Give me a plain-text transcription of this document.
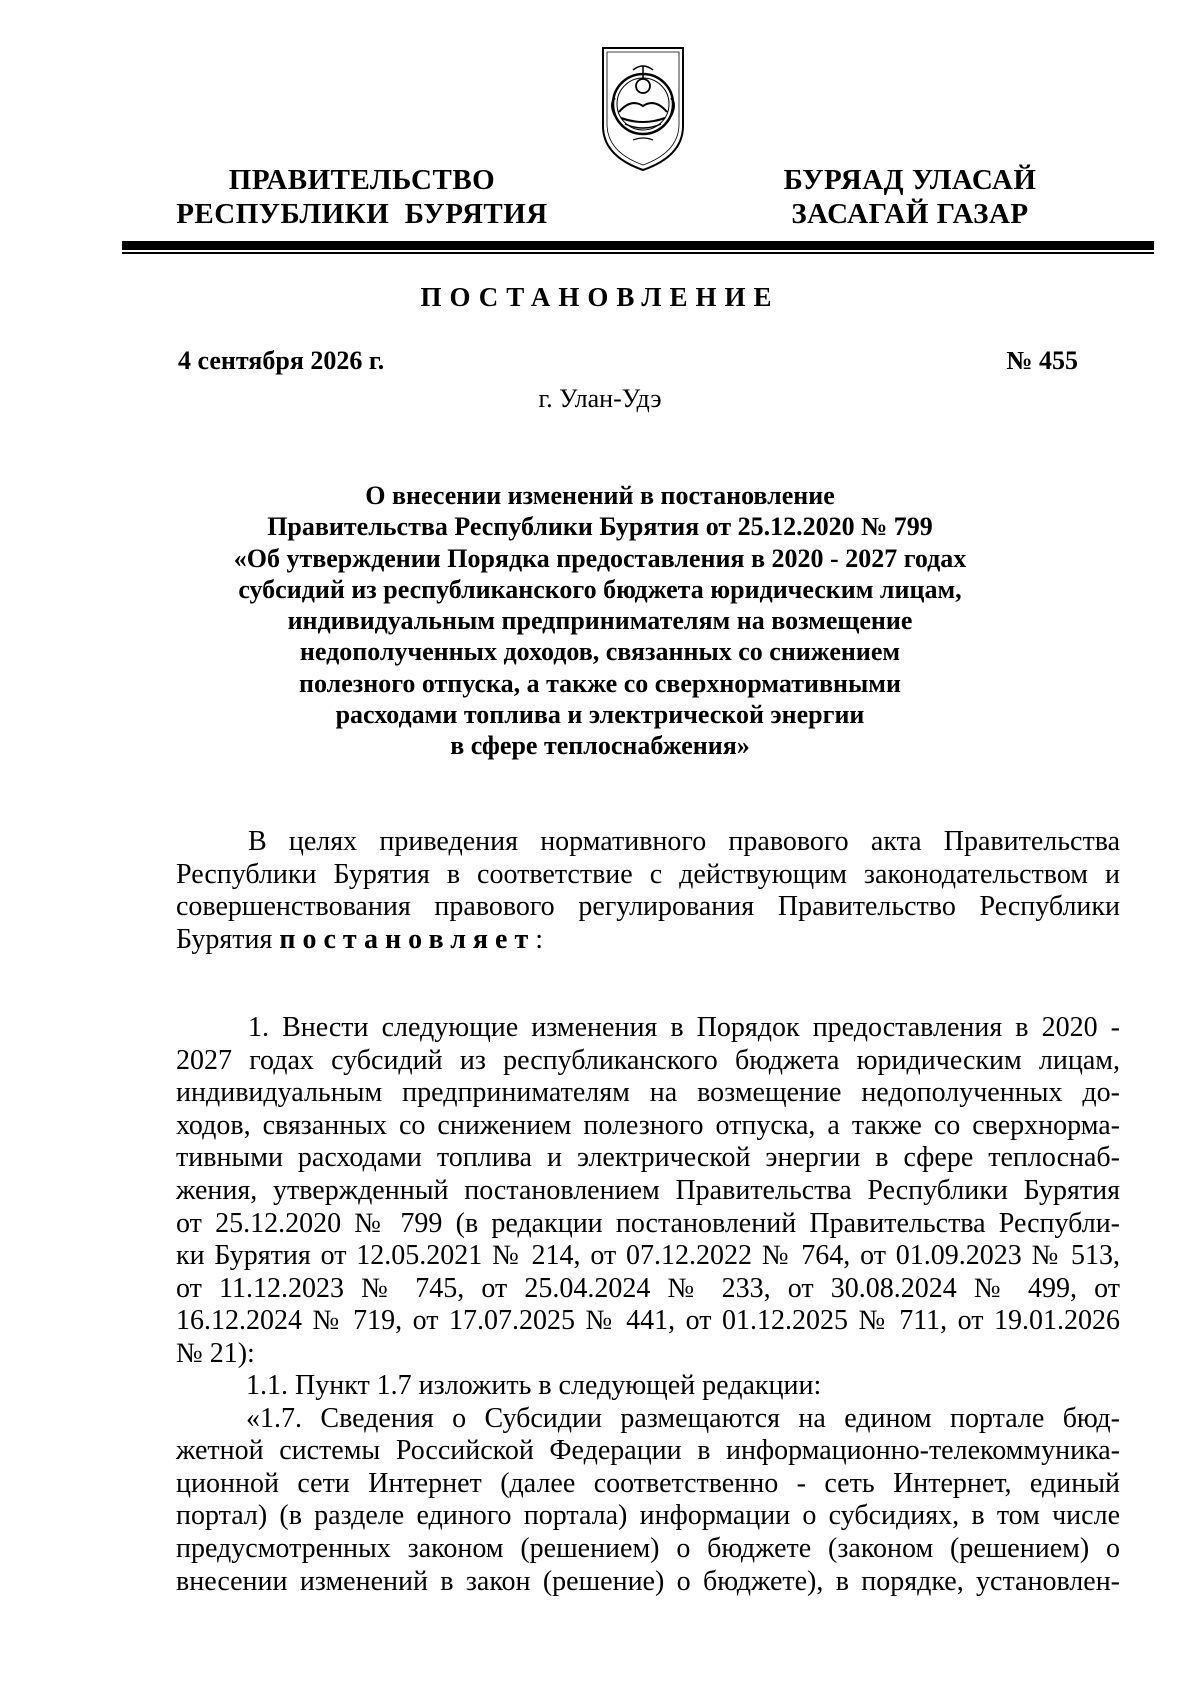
ПРАВИТЕЛЬСТВО
РЕСПУБЛИКИ  БУРЯТИЯ
БУРЯАД УЛАСАЙ
ЗАСАГАЙ ГАЗАР
ПОСТАНОВЛЕНИЕ
4 сентября 2026 г.	№ 455
г. Улан-Удэ
О внесении изменений в постановление
Правительства Республики Бурятия от 25.12.2020 № 799
«Об утверждении Порядка предоставления в 2020 - 2027 годах
субсидий из республиканского бюджета юридическим лицам,
индивидуальным предпринимателям на возмещение
недополученных доходов, связанных со снижением
полезного отпуска, а также со сверхнормативными
расходами топлива и электрической энергии
в сфере теплоснабжения»
В целях приведения нормативного правового акта Правительства
Республики Бурятия в соответствие с действующим законодательством и
совершенствования правового регулирования Правительство Республики
Бурятия постановляет:
1. Внести следующие изменения в Порядок предоставления в 2020 -
2027 годах субсидий из республиканского бюджета юридическим лицам,
индивидуальным предпринимателям на возмещение недополученных до-
ходов, связанных со снижением полезного отпуска, а также со сверхнорма-
тивными расходами топлива и электрической энергии в сфере теплоснаб-
жения, утвержденный постановлением Правительства Республики Бурятия
от 25.12.2020 № 799 (в редакции постановлений Правительства Республи-
ки Бурятия от 12.05.2021 № 214, от 07.12.2022 № 764, от 01.09.2023 № 513,
от 11.12.2023 № 745, от 25.04.2024 № 233, от 30.08.2024 № 499, от
16.12.2024 № 719, от 17.07.2025 № 441, от 01.12.2025 № 711, от 19.01.2026
№ 21):
1.1. Пункт 1.7 изложить в следующей редакции:
«1.7. Сведения о Субсидии размещаются на едином портале бюд-
жетной системы Российской Федерации в информационно-телекоммуника-
ционной сети Интернет (далее соответственно - сеть Интернет, единый
портал) (в разделе единого портала) информации о субсидиях, в том числе
предусмотренных законом (решением) о бюджете (законом (решением) о
внесении изменений в закон (решение) о бюджете), в порядке, установлен-
